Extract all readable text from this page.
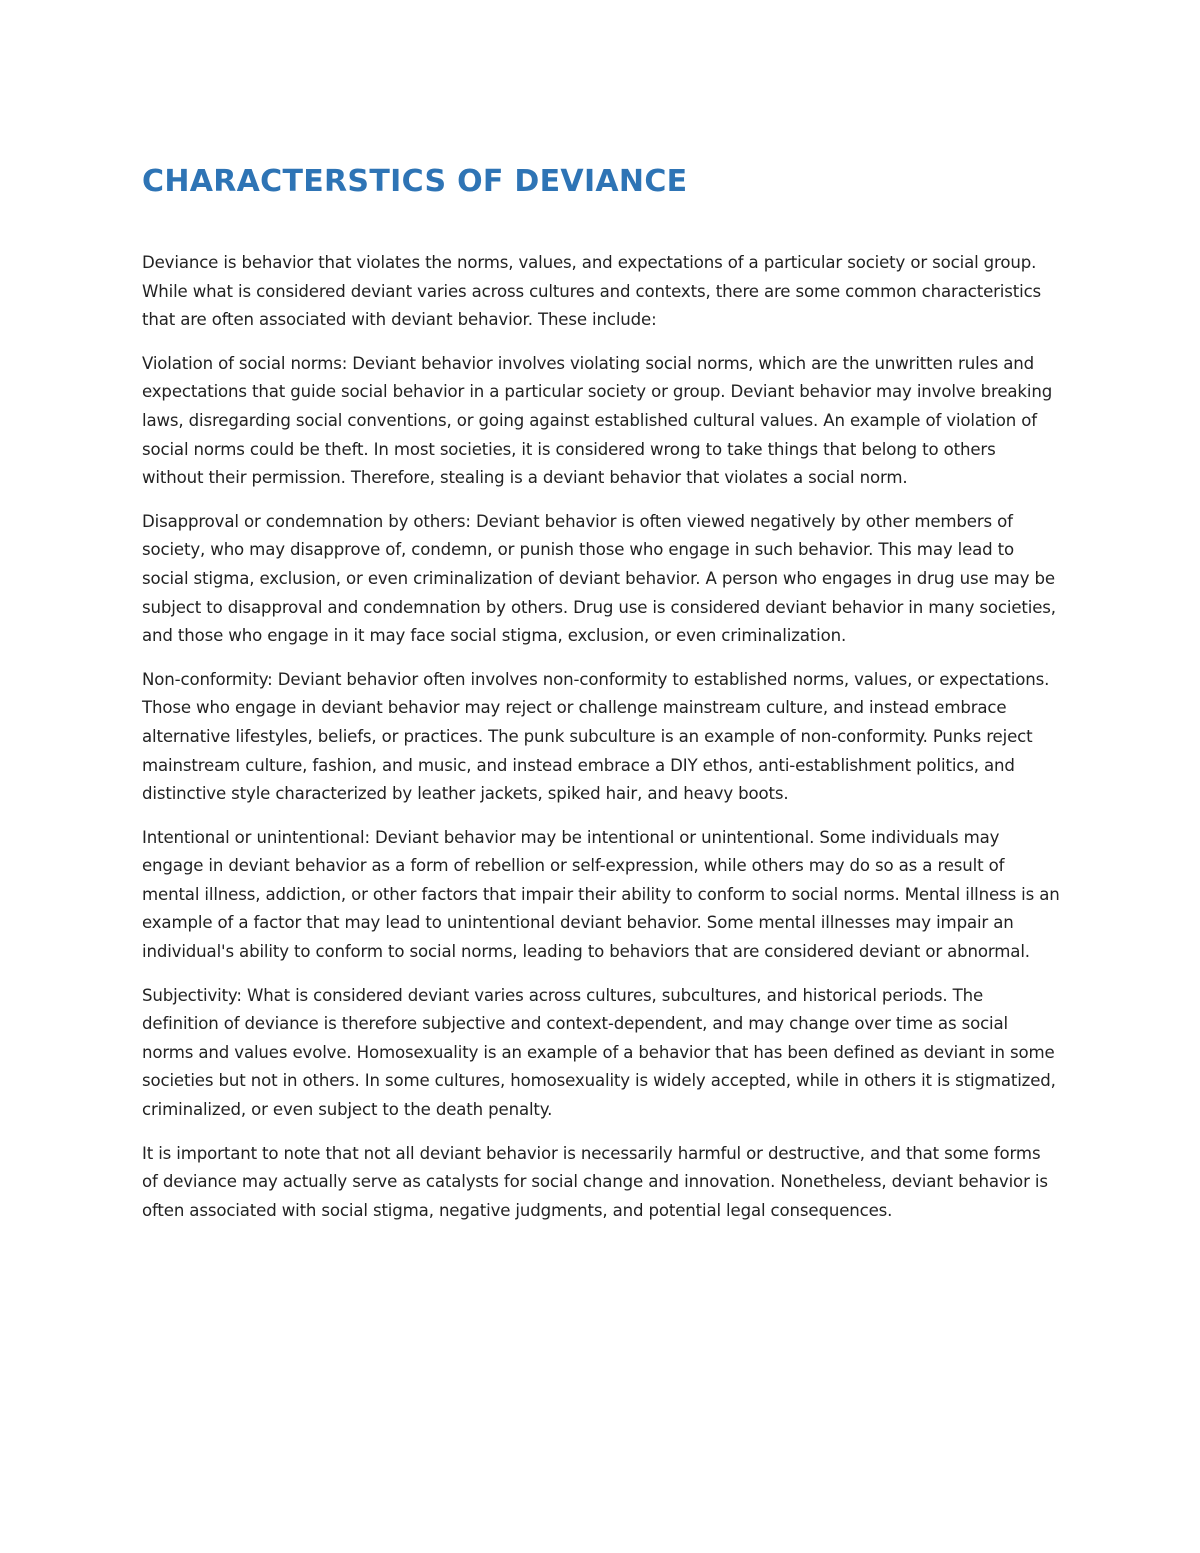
CHARACTERSTICS OF DEVIANCE

Deviance is behavior that violates the norms, values, and expectations of a particular society or social group. While what is considered deviant varies across cultures and contexts, there are some common characteristics that are often associated with deviant behavior. These include:

Violation of social norms: Deviant behavior involves violating social norms, which are the unwritten rules and expectations that guide social behavior in a particular society or group. Deviant behavior may involve breaking laws, disregarding social conventions, or going against established cultural values. An example of violation of social norms could be theft. In most societies, it is considered wrong to take things that belong to others without their permission. Therefore, stealing is a deviant behavior that violates a social norm.

Disapproval or condemnation by others: Deviant behavior is often viewed negatively by other members of society, who may disapprove of, condemn, or punish those who engage in such behavior. This may lead to social stigma, exclusion, or even criminalization of deviant behavior. A person who engages in drug use may be subject to disapproval and condemnation by others. Drug use is considered deviant behavior in many societies, and those who engage in it may face social stigma, exclusion, or even criminalization.

Non-conformity: Deviant behavior often involves non-conformity to established norms, values, or expectations. Those who engage in deviant behavior may reject or challenge mainstream culture, and instead embrace alternative lifestyles, beliefs, or practices. The punk subculture is an example of non-conformity. Punks reject mainstream culture, fashion, and music, and instead embrace a DIY ethos, anti-establishment politics, and distinctive style characterized by leather jackets, spiked hair, and heavy boots.

Intentional or unintentional: Deviant behavior may be intentional or unintentional. Some individuals may engage in deviant behavior as a form of rebellion or self-expression, while others may do so as a result of mental illness, addiction, or other factors that impair their ability to conform to social norms. Mental illness is an example of a factor that may lead to unintentional deviant behavior. Some mental illnesses may impair an individual's ability to conform to social norms, leading to behaviors that are considered deviant or abnormal.

Subjectivity: What is considered deviant varies across cultures, subcultures, and historical periods. The definition of deviance is therefore subjective and context-dependent, and may change over time as social norms and values evolve. Homosexuality is an example of a behavior that has been defined as deviant in some societies but not in others. In some cultures, homosexuality is widely accepted, while in others it is stigmatized, criminalized, or even subject to the death penalty.

It is important to note that not all deviant behavior is necessarily harmful or destructive, and that some forms of deviance may actually serve as catalysts for social change and innovation. Nonetheless, deviant behavior is often associated with social stigma, negative judgments, and potential legal consequences.
